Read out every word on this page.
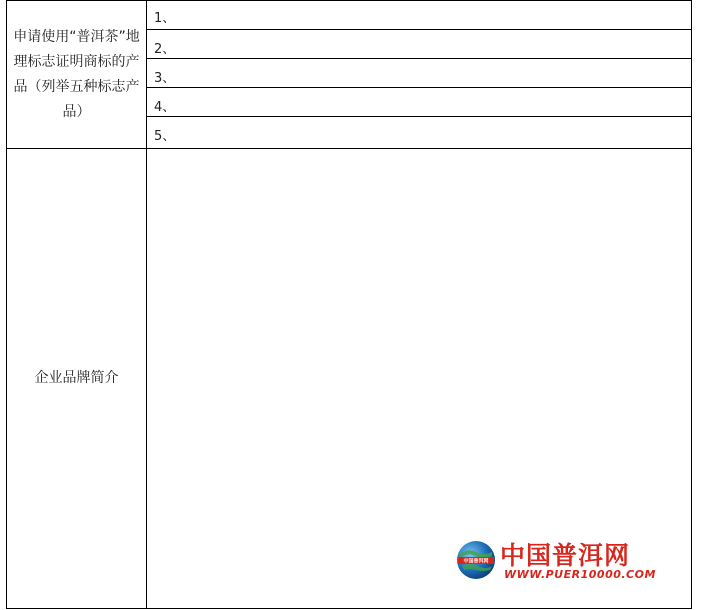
申请使用“普洱茶”地理标志证明商标的产品（列举五种标志产品）	1、

	2、

	3、

	4、

	5、

企业品牌简介	

中国普洱网 中国普洱网
WWW.PUER10000.COM
